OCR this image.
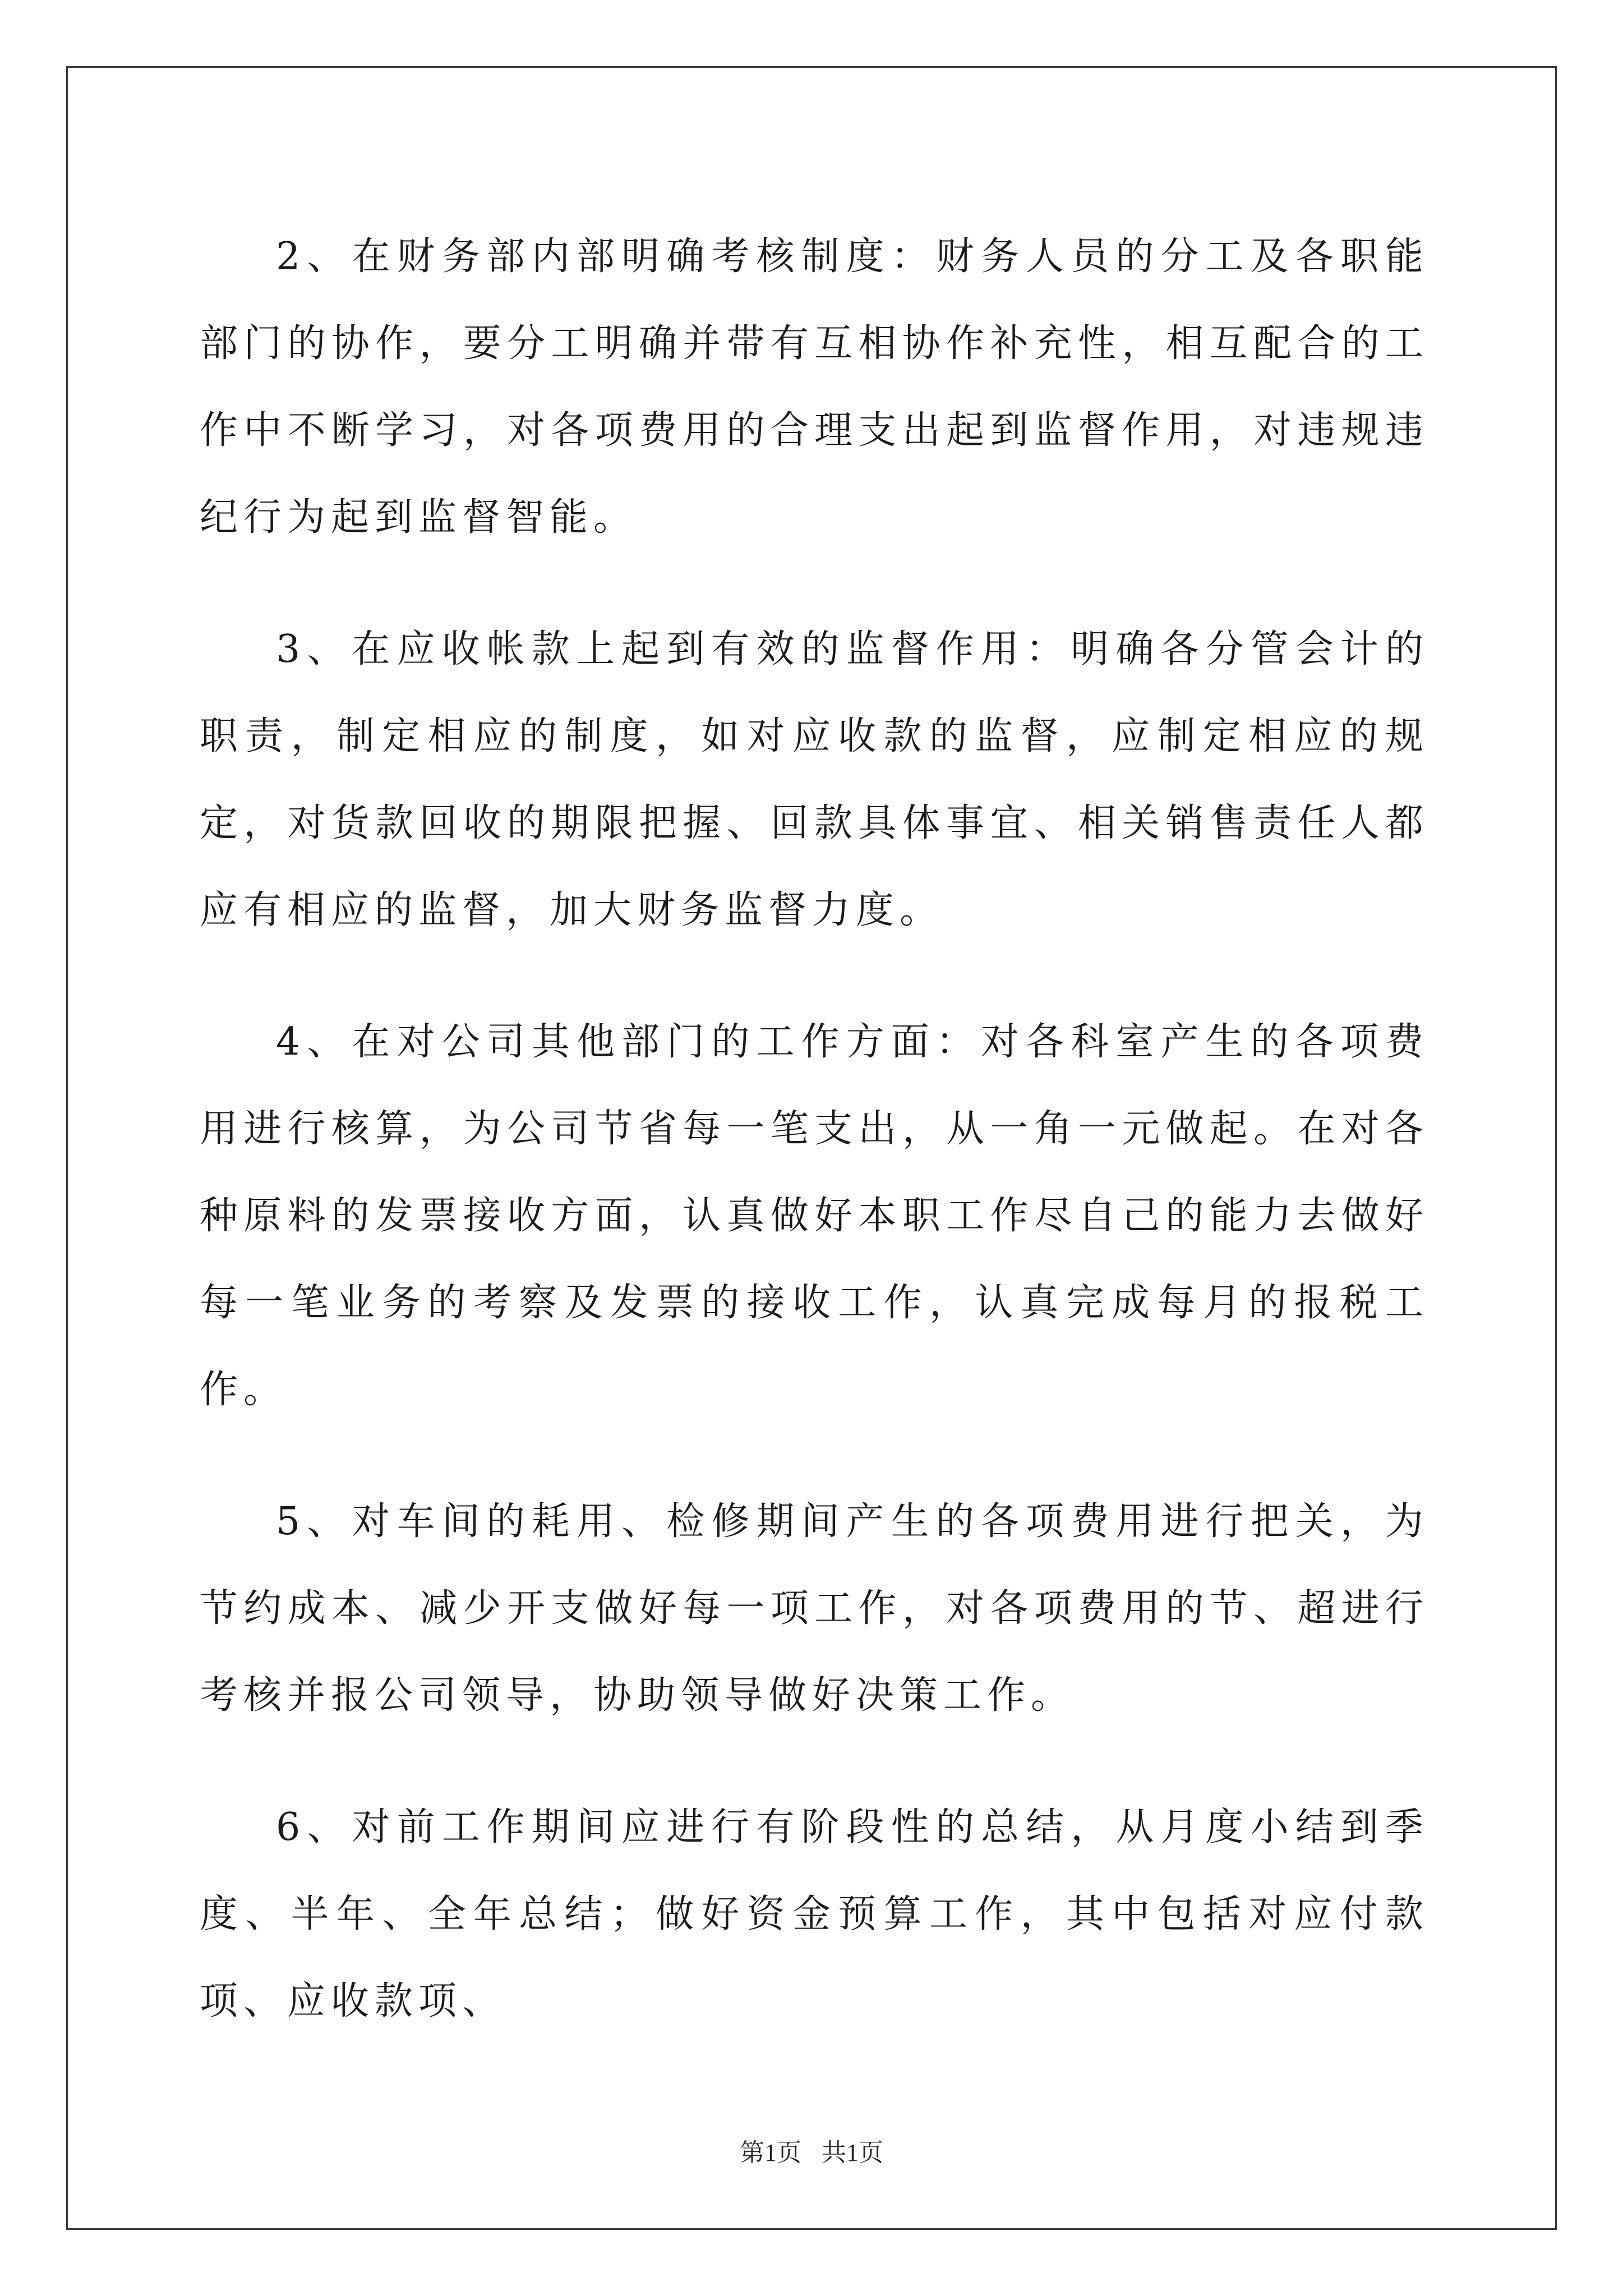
2、在财务部内部明确考核制度：财务人员的分工及各职能部门的协作，要分工明确并带有互相协作补充性，相互配合的工作中不断学习，对各项费用的合理支出起到监督作用，对违规违纪行为起到监督智能。

3、在应收帐款上起到有效的监督作用：明确各分管会计的职责，制定相应的制度，如对应收款的监督，应制定相应的规定，对货款回收的期限把握、回款具体事宜、相关销售责任人都应有相应的监督，加大财务监督力度。

4、在对公司其他部门的工作方面：对各科室产生的各项费用进行核算，为公司节省每一笔支出，从一角一元做起。在对各种原料的发票接收方面，认真做好本职工作尽自己的能力去做好每一笔业务的考察及发票的接收工作，认真完成每月的报税工作。

5、对车间的耗用、检修期间产生的各项费用进行把关，为节约成本、减少开支做好每一项工作，对各项费用的节、超进行考核并报公司领导，协助领导做好决策工作。

6、对前工作期间应进行有阶段性的总结，从月度小结到季度、半年、全年总结；做好资金预算工作，其中包括对应付款项、应收款项、

第1页 共1页
